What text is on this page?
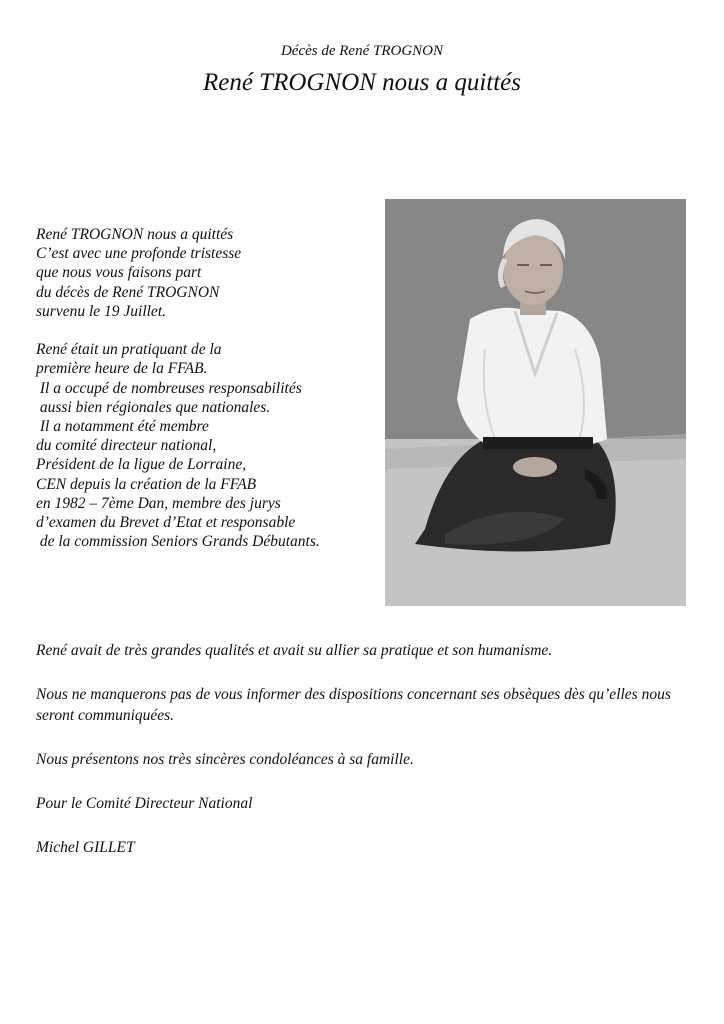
Décès de René TROGNON
René TROGNON nous a quittés
René TROGNON nous a quittés
C’est avec une profonde tristesse
que nous vous faisons part
du décès de René TROGNON
survenu le 19 Juillet.
René était un pratiquant de la
première heure de la FFAB.
Il a occupé de nombreuses responsabilités
aussi bien régionales que nationales.
Il a notamment été membre
du comité directeur national,
Président de la ligue de Lorraine,
CEN depuis la création de la FFAB
en 1982 – 7ème Dan, membre des jurys
d’examen du Brevet d’Etat et responsable
de la commission Seniors Grands Débutants.

René avait de très grandes qualités et avait su allier sa pratique et son humanisme.

Nous ne manquerons pas de vous informer des dispositions concernant ses obsèques dès qu’elles nous seront communiquées.

Nous présentons nos très sincères condoléances à sa famille.

Pour le Comité Directeur National

Michel GILLET
